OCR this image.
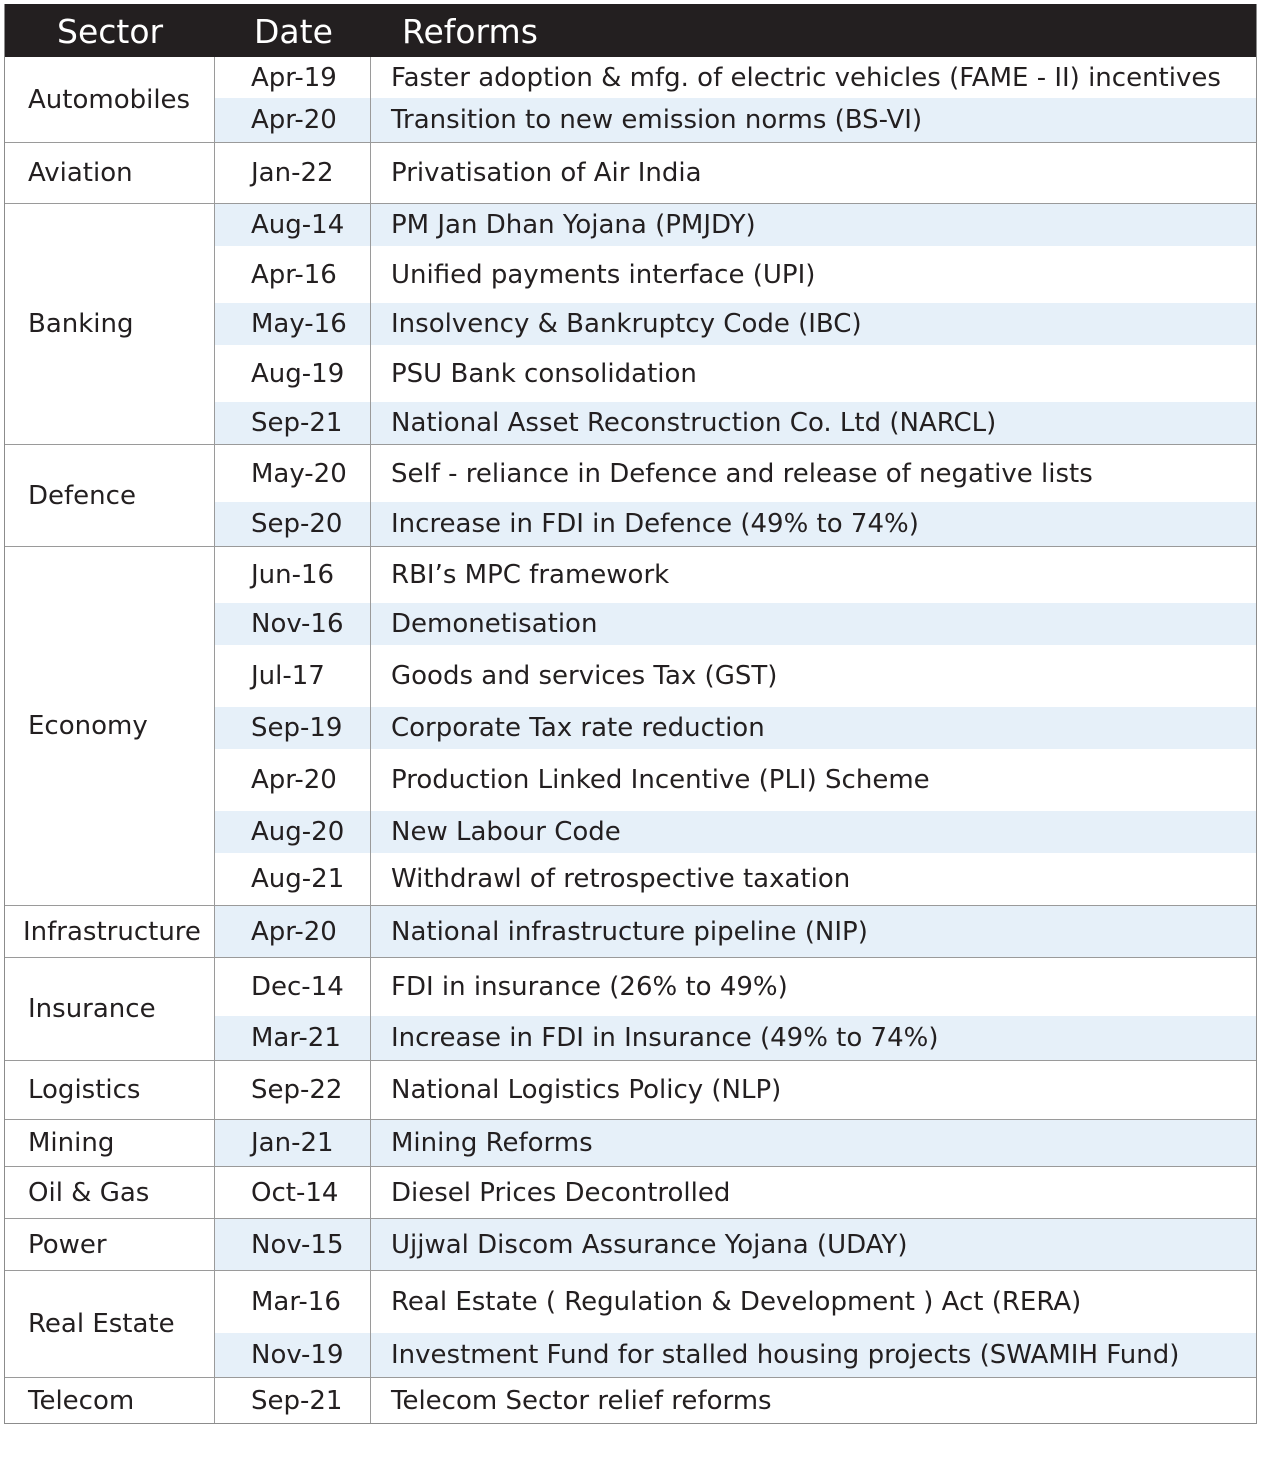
Sector	Date Reforms
Automobiles
Apr-19	Faster adoption & mfg. of electric vehicles (FAME - II) incentives
Apr-20	Transition to new emission norms (BS-VI)
Aviation	Jan-22	Privatisation of Air India
Banking
Aug-14	PM Jan Dhan Yojana (PMJDY)
Apr-16	Unified payments interface (UPI)
May-16	Insolvency & Bankruptcy Code (IBC)
Aug-19	PSU Bank consolidation
Sep-21	National Asset Reconstruction Co. Ltd (NARCL)
Defence
May-20	Self - reliance in Defence and release of negative lists
Sep-20	Increase in FDI in Defence (49% to 74%)
Economy
Jun-16	RBI’s MPC framework
Nov-16	Demonetisation
Jul-17	Goods and services Tax (GST)
Sep-19	Corporate Tax rate reduction
Apr-20	Production Linked Incentive (PLI) Scheme
Aug-20	New Labour Code
Aug-21	Withdrawl of retrospective taxation
Infrastructure	Apr-20	National infrastructure pipeline (NIP)
Insurance
Dec-14	FDI in insurance (26% to 49%)
Mar-21	Increase in FDI in Insurance (49% to 74%)
Logistics	Sep-22	National Logistics Policy (NLP)
Mining	Jan-21	Mining Reforms
Oil & Gas	Oct-14	Diesel Prices Decontrolled
Power	Nov-15	Ujjwal Discom Assurance Yojana (UDAY)
Real Estate
Mar-16	Real Estate ( Regulation & Development ) Act (RERA)
Nov-19	Investment Fund for stalled housing projects (SWAMIH Fund)
Telecom	Sep-21	Telecom Sector relief reforms
